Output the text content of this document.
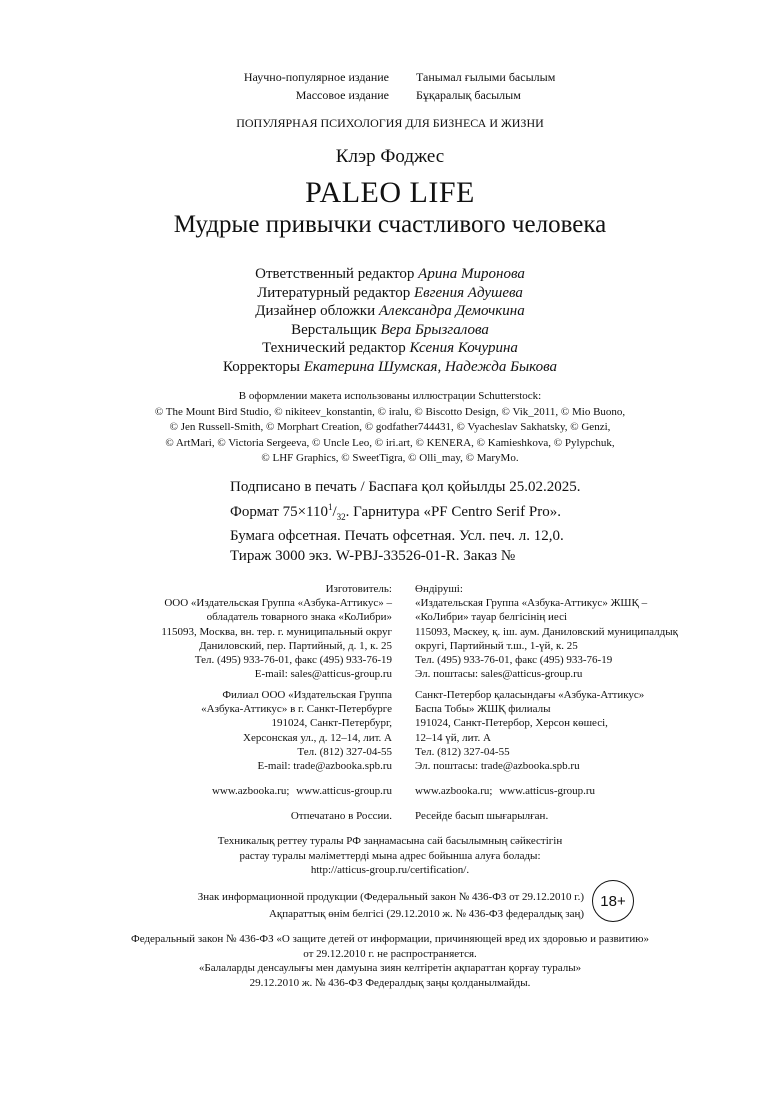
Научно-популярное издание Танымал ғылыми басылым
Массовое издание Бұқаралық басылым
ПОПУЛЯРНАЯ ПСИХОЛОГИЯ ДЛЯ БИЗНЕСА И ЖИЗНИ
Клэр Фоджес
PALEO LIFE
Мудрые привычки счастливого человека
Ответственный редактор Арина Миронова
Литературный редактор Евгения Адушева
Дизайнер обложки Александра Демочкина
Верстальщик Вера Брызгалова
Технический редактор Ксения Кочурина
Корректоры Екатерина Шумская, Надежда Быкова
В оформлении макета использованы иллюстрации Schutterstock:
© The Mount Bird Studio, © nikiteev_konstantin, © iralu, © Biscotto Design, © Vik_2011, © Mio Buono,
© Jen Russell-Smith, © Morphart Creation, © godfather744431, © Vyacheslav Sakhatsky, © Genzi,
© ArtMari, © Victoria Sergeeva, © Uncle Leo, © iri.art, © KENERA, © Kamieshkova, © Pylypchuk,
© LHF Graphics, © SweetTigra, © Olli_may, © MaryMo.
Подписано в печать / Баспаға қол қойылды 25.02.2025.
Формат $75\times 110^1/_{32}$. Гарнитура «PF Centro Serif Pro».
Бумага офсетная. Печать офсетная. Усл. печ. л. 12,0.
Тираж 3000 экз. W-PBJ-33526-01-R. Заказ №
Изготовитель:
ООО «Издательская Группа «Азбука-Аттикус» –
обладатель товарного знака «КоЛибри»
115093, Москва, вн. тер. г. муниципальный округ
Даниловский, пер. Партийный, д. 1, к. 25
Тел. (495) 933-76-01, факс (495) 933-76-19
E-mail: sales@atticus-group.ru
Өндіруші:
«Издательская Группа «Азбука-Аттикус» ЖШҚ –
«КоЛибри» тауар белгісінің иесі
115093, Мәскеу, қ. іш. аум. Даниловский муниципалдық
округі, Партийный т.ш., 1-үй, к. 25
Тел. (495) 933-76-01, факс (495) 933-76-19
Эл. поштасы: sales@atticus-group.ru
Филиал ООО «Издательская Группа
«Азбука-Аттикус» в г. Санкт-Петербурге
191024, Санкт-Петербург,
Херсонская ул., д. 12–14, лит. А
Тел. (812) 327-04-55
E-mail: trade@azbooka.spb.ru
Санкт-Петербор қаласындағы «Азбука-Аттикус»
Баспа Тобы» ЖШҚ филиалы
191024, Санкт-Петербор, Херсон көшесі,
12–14 үй, лит. А
Тел. (812) 327-04-55
Эл. поштасы: trade@azbooka.spb.ru
www.azbooka.ru; www.atticus-group.ru www.azbooka.ru; www.atticus-group.ru
Отпечатано в России. Ресейде басып шығарылған.
Техникалық реттеу туралы РФ заңнамасына сай басылымның сәйкестігін
растау туралы мәліметтерді мына адрес бойынша алуға болады:
http://atticus-group.ru/certification/.
Знак информационной продукции (Федеральный закон № 436-ФЗ от 29.12.2010 г.)
Ақпараттық өнім белгісі (29.12.2010 ж. № 436-ФЗ федералдық заң)
18+
Федеральный закон № 436-ФЗ «О защите детей от информации, причиняющей вред их здоровью и развитию»
от 29.12.2010 г. не распространяется.
«Балаларды денсаулығы мен дамуына зиян келтіретін ақпараттан қорғау туралы»
29.12.2010 ж. № 436-ФЗ Федералдық заңы қолданылмайды.
